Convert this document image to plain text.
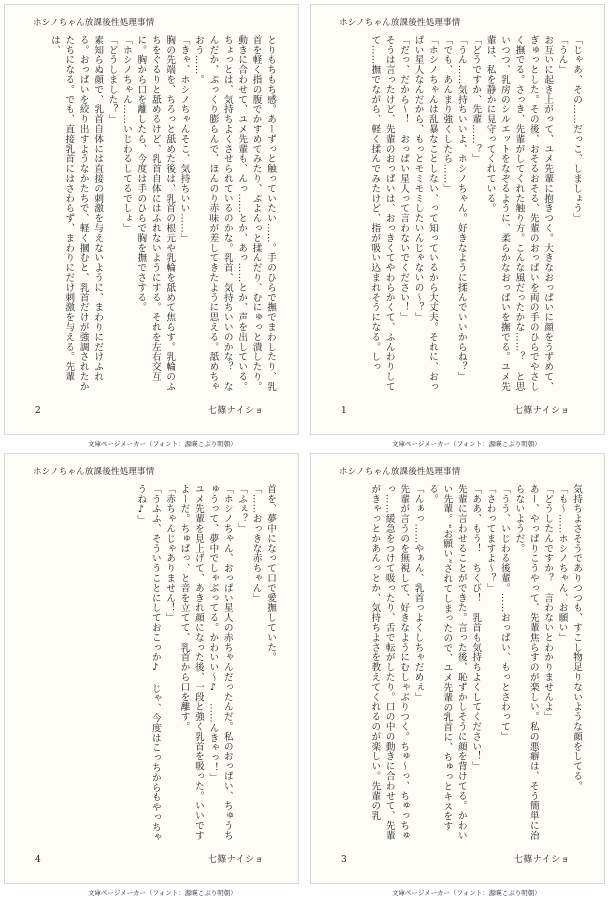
ホシノちゃん放課後性処理事情

とりもちもち感。あーずっと触っていたい……。手のひらで撫でまわしたり、乳首を軽く指の腹でかすめてみたり、ぷよんっと揉んだり、むにゅっと潰したり。動きに合わせて、ユメ先輩も、んっ……とか、あっ……とか、声を出している。ちょっとは、気持ちよくさせられているのかな。乳首、気持ちいいのかな？　なんだか、ぷっくり膨らんで、ほんのり赤味が差してきたように思える。舐めちゃおう……。

「きゃ、ホシノちゃんそこ、気持ちいい……」

胸の先端を、ちろっと舐めた後は、乳首の根元や乳輪を舐めて焦らす。乳輪のふちをぐるりと舐めるけど、乳首自体にはふれないようにする。それを左右交互に。胸から口を離したら、今度は手のひらで胸を撫でさする。

「ホシノちゃん……いじわるしてるでしょ」

「どうしました？」

素知らぬ顔で、乳首自体には直接の刺激を与えないように、まわりにだけふれる。おっぱいを絞り出すようなかたちで、軽く摑むと、乳首だけが強調されたかたちになる。でも、直接乳首にはさわらず、まわりにだけ刺激を与える。先輩は、

2	七篠ナイショ
文庫ページメーカー（フォント：源暎こぶり明朝）
ホシノちゃん放課後性処理事情

「じゃあ、その……だっこ、しましょう」

「うん」

お互いに起き上がって、ユメ先輩に抱きつく。大きなおっぱいに顔をうずめて、ぎゅっとした。その後、おそるおそる、先輩のおっぱいを両の手のひらでやさしく撫でる。さっき、先輩がしてくれた触り方。こんな風だったかな……？　と思いつつ、乳房のシルエットをなぞるように、柔らかなおっぱいを撫でる。ユメ先輩は、私を静かに見守ってくれている。

「どうですか、先輩……？」

「うん……気持ちいいよ、ホシノちゃん。好きなように揉んでいいからね？」

「でも、あんまり強くしたら……」

「ホシノちゃんは乱暴なことしない、って知っているから大丈夫。それに、おっぱい星人なんだから、もっとモミモミしたいんじゃないの～？」

「だっ、だから～！　おっぱい星人って言わないでください！」

そうは言ったけど、先輩のおっぱいは、おっきくてやわらかくて、ふんわりしてて……撫でながら、軽く揉んでみたけど、指が吸い込まれそうになる。しっ

1	七篠ナイショ
文庫ページメーカー（フォント：源暎こぶり明朝）
ホシノちゃん放課後性処理事情

首を、夢中になって口で愛撫していた。

「……おっきな赤ちゃん」

「ふぇ？」

「ホシノちゃん、おっぱい星人の赤ちゃんだったんだ。私のおっぱい、ちゅうちゅうって、夢中でしゃぶってる。かわいい～♪　……んきゃっ！」

ユメ先輩を見上げて、あきれ顔になった後、一段と強く乳首を吸った。いいですよーだ。ちゅぱっ、と音を立てて、乳首から口を離す。

「赤ちゃんじゃありません！」

「うふふ、そういうことにしておこっか♪　じゃ、今度はこっちからもやっちゃうね♪」

4	七篠ナイショ
文庫ページメーカー（フォント：源暎こぶり明朝）
ホシノちゃん放課後性処理事情

気持ちよさそうでありつつも、すこし物足りないような顔をしてる。

「も～……ホシノちゃん、お願い」

「どうしたんですか？　言わないとわかりませんよ」

あー、やっぱりこうやって、先輩焦らすのが楽しい。私の悪癖は、そう簡単に治らないようだ。

「うう、いじわる後輩。……おっぱい、もっとさわって」

「さわってますよ～？」

「ああ、もう！　ちくび！　乳首も気持ちよくしてください！」

先輩に言わせることができた。言った後、恥ずかしそうに顔を背けてる。かわいい先輩。“お願い”されてしまったので、ユメ先輩の乳首に、ちゅっとキスをする。

「んぁっ……やぁん、乳首っよくしちゃだめぇ」

先輩が言うのを無視して、好きなようにむしゃぶりつく。ちゅ～っ、ちゅっちゅっ……緩急をつけて吸ったり、舌で転がしたり。口の中の動きに合わせて、先輩がきゃっとかあんっとか、気持ちよさを教えてくれるのが楽しい。先輩の乳

3	七篠ナイショ
文庫ページメーカー（フォント：源暎こぶり明朝）
